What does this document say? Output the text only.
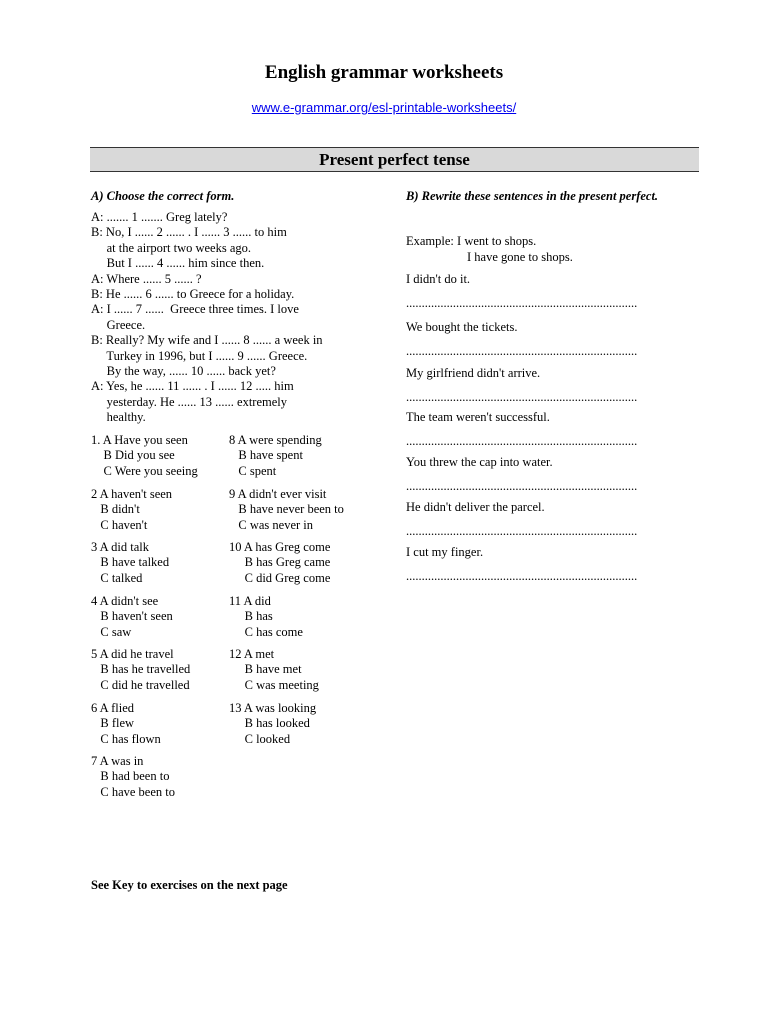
English grammar worksheets
www.e-grammar.org/esl-printable-worksheets/
Present perfect tense
A) Choose the correct form.
A: ....... 1 ....... Greg lately?
B: No, I ...... 2 ...... . I ...... 3 ...... to him
at the airport two weeks ago.
But I ...... 4 ...... him since then.
A: Where ...... 5 ...... ?
B: He ...... 6 ...... to Greece for a holiday.
A: I ...... 7 ......  Greece three times. I love
Greece.
B: Really? My wife and I ...... 8 ...... a week in
Turkey in 1996, but I ...... 9 ...... Greece.
By the way, ...... 10 ...... back yet?
A: Yes, he ...... 11 ...... . I ...... 12 ..... him
yesterday. He ...... 13 ...... extremely
healthy.
1. A Have you seen
B Did you see
C Were you seeing
2 A haven't seen
B didn't
C haven't
3 A did talk
B have talked
C talked
4 A didn't see
B haven't seen
C saw
5 A did he travel
B has he travelled
C did he travelled
6 A flied
B flew
C has flown
7 A was in
B had been to
C have been to
8 A were spending
B have spent
C spent
9 A didn't ever visit
B have never been to
C was never in
10 A has Greg come
B has Greg came
C did Greg come
11 A did
B has
C has come
12 A met
B have met
C was meeting
13 A was looking
B has looked
C looked
B) Rewrite these sentences in the present perfect.
Example: I went to shops.
I have gone to shops.
I didn't do it.
..........................................................................
We bought the tickets.
..........................................................................
My girlfriend didn't arrive.
..........................................................................
The team weren't successful.
..........................................................................
You threw the cap into water.
..........................................................................
He didn't deliver the parcel.
..........................................................................
I cut my finger.
..........................................................................
See Key to exercises on the next page
